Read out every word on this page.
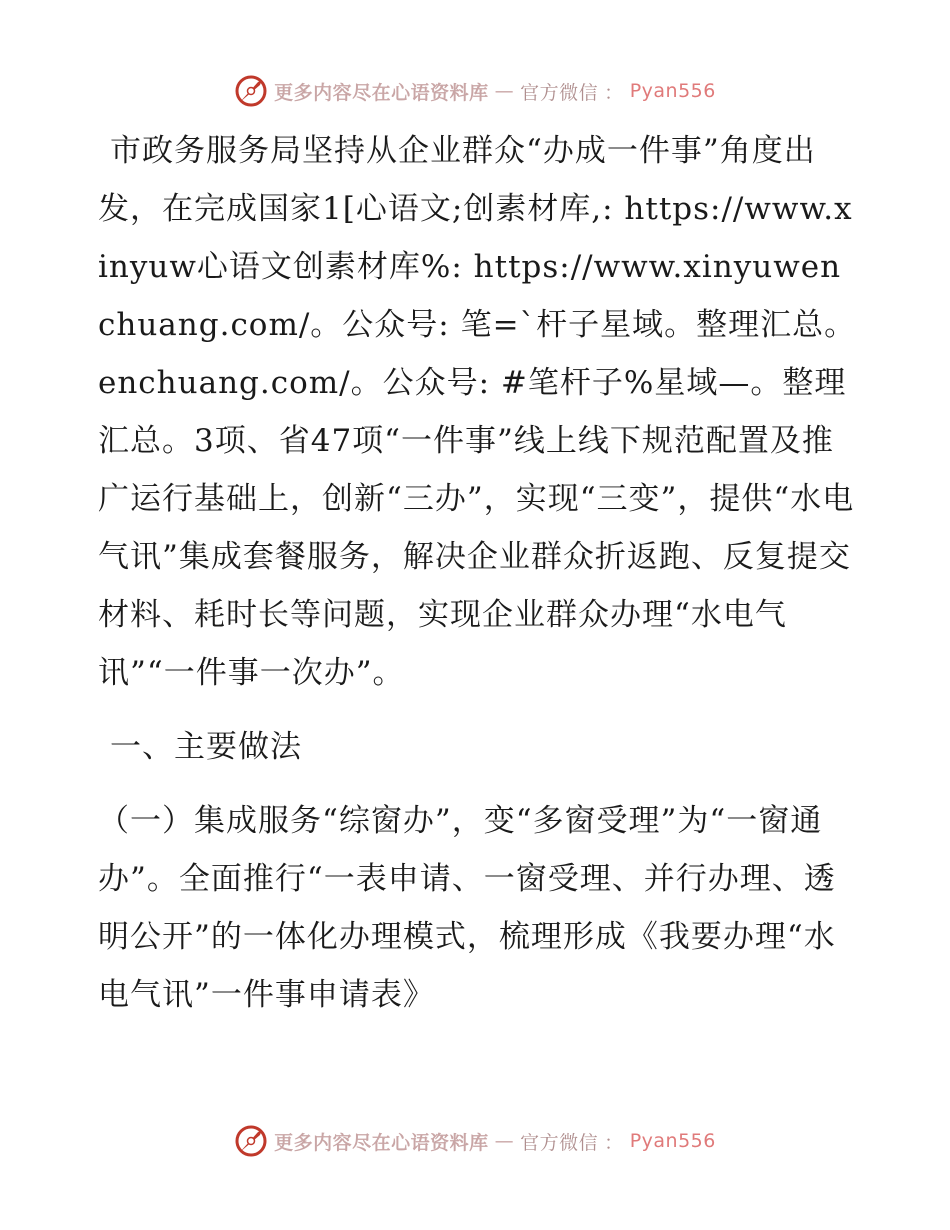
更多内容尽在心语资料库 — 官方微信 ： Pyan556

市政务服务局坚持从企业群众“办成一件事”角度出发，在完成国家1[心语文;创素材库,: https://www.xinyuw心语文创素材库%: https://www.xinyuwenchuang.com/。公众号: 笔=`杆子星域。整理汇总。enchuang.com/。公众号: #笔杆子%星域—。整理汇总。3项、省47项“一件事”线上线下规范配置及推广运行基础上，创新“三办”，实现“三变”，提供“水电气讯”集成套餐服务，解决企业群众折返跑、反复提交材料、耗时长等问题，实现企业群众办理“水电气讯”“一件事一次办”。

一、主要做法

（一）集成服务“综窗办”，变“多窗受理”为“一窗通办”。全面推行“一表申请、一窗受理、并行办理、透明公开”的一体化办理模式，梳理形成《我要办理“水电气讯”一件事申请表》

更多内容尽在心语资料库 — 官方微信 ： Pyan556
